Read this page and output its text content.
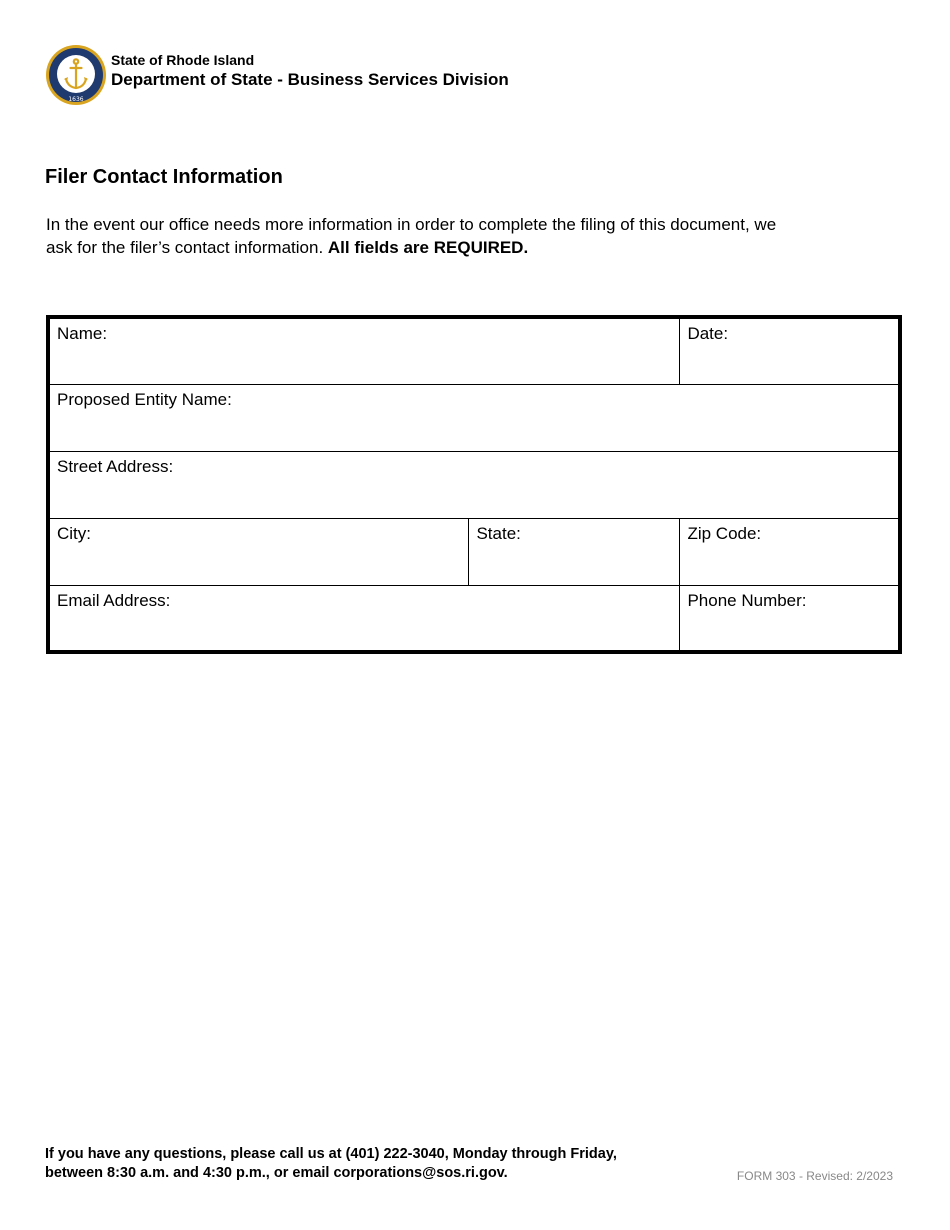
1636
State of Rhode Island
Department of State - Business Services Division
Filer Contact Information

In the event our office needs more information in order to complete the filing of this document, we ask for the filer’s contact information. All fields are REQUIRED.

Name:		Date:

Proposed Entity Name:		

Street Address:		

City:	State:	Zip Code:

Email Address:		Phone Number:

If you have any questions, please call us at (401) 222-3040, Monday through Friday,
between 8:30 a.m. and 4:30 p.m., or email corporations@sos.ri.gov.	FORM 303 - Revised: 2/2023
